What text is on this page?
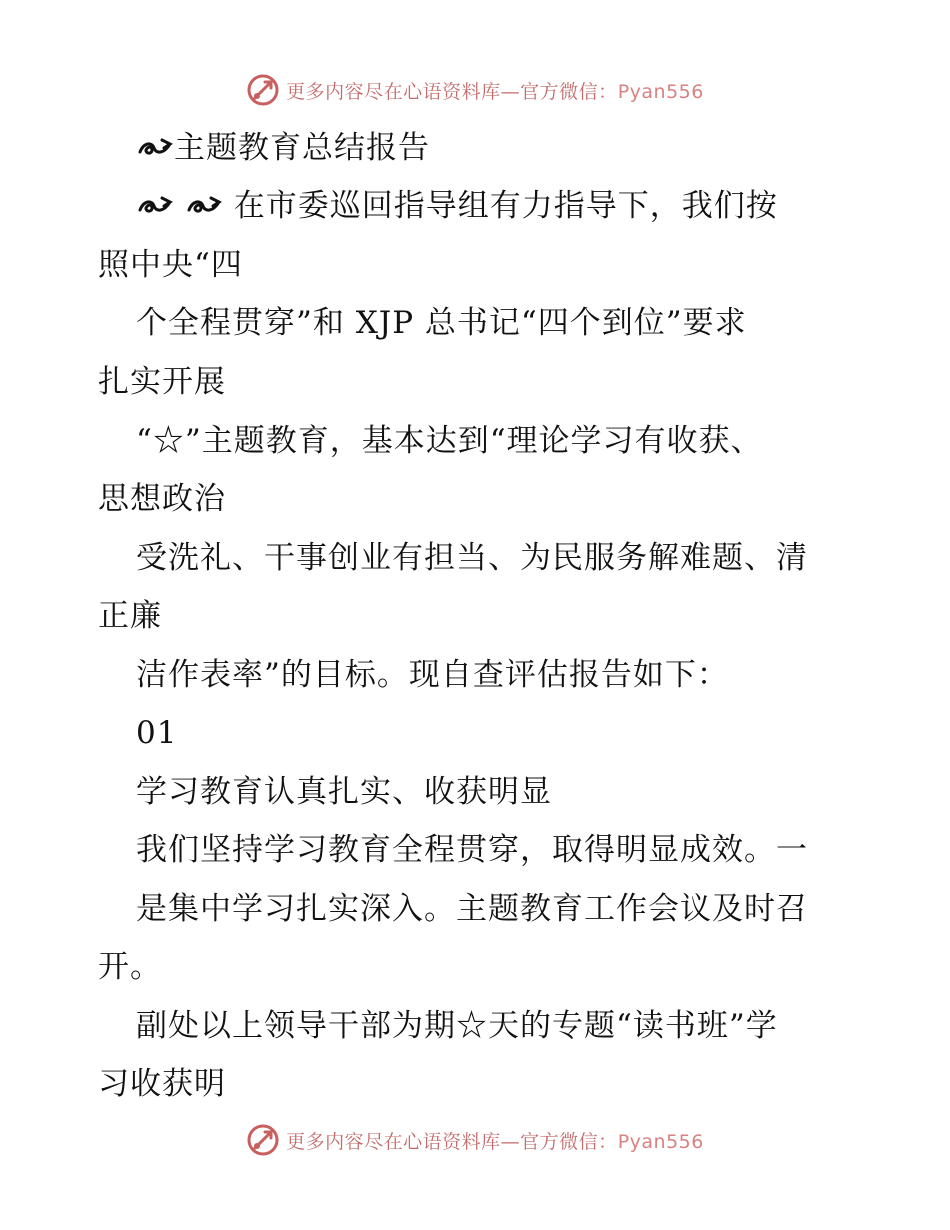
更多内容尽在心语资料库—官方微信：Pyan556
主题教育总结报告
在市委巡回指导组有力指导下，我们按
照中央“四
个全程贯穿”和 XJP 总书记“四个到位”要求
扎实开展
“☆”主题教育，基本达到“理论学习有收获、
思想政治
受洗礼、干事创业有担当、为民服务解难题、清
正廉
洁作表率”的目标。现自查评估报告如下：
01
学习教育认真扎实、收获明显
我们坚持学习教育全程贯穿，取得明显成效。一
是集中学习扎实深入。主题教育工作会议及时召
开。
副处以上领导干部为期☆天的专题“读书班”学
习收获明
更多内容尽在心语资料库—官方微信：Pyan556
